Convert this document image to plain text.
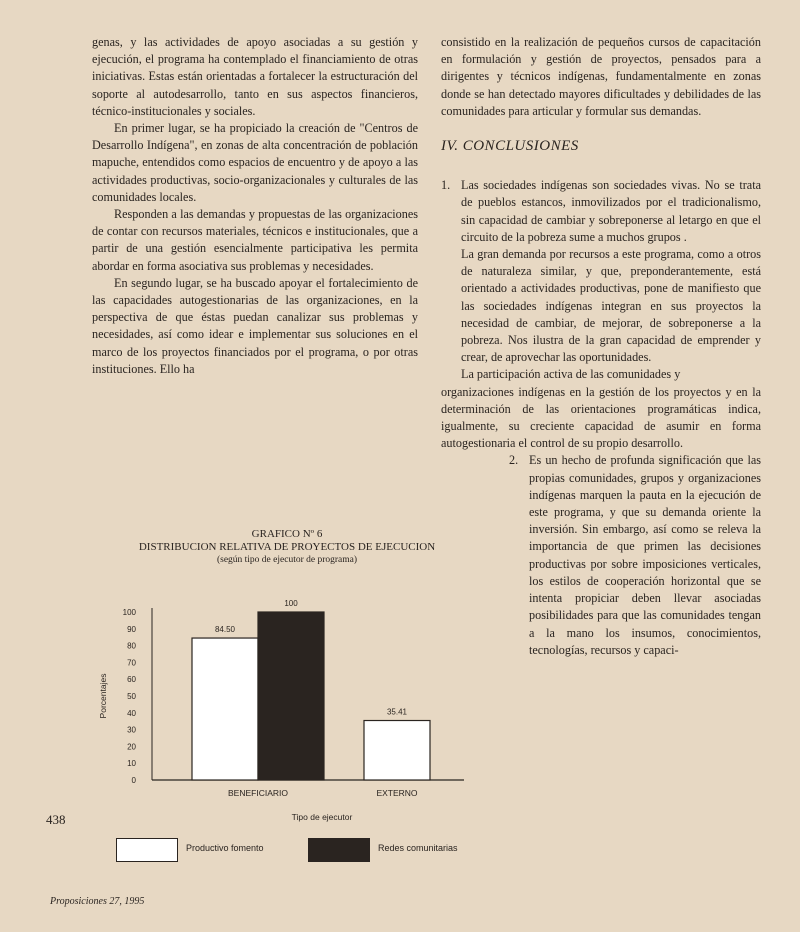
genas, y las actividades de apoyo asociadas a su gestión y ejecución, el programa ha contemplado el financiamiento de otras iniciativas. Estas están orientadas a fortalecer la estructuración del soporte al autodesarrollo, tanto en sus aspectos financieros, técnico-institucionales y sociales.

En primer lugar, se ha propiciado la creación de "Centros de Desarrollo Indígena", en zonas de alta concentración de población mapuche, entendidos como espacios de encuentro y de apoyo a las actividades productivas, socio-organizacionales y culturales de las comunidades locales.

Responden a las demandas y propuestas de las organizaciones de contar con recursos materiales, técnicos e institucionales, que a partir de una gestión esencialmente participativa les permita abordar en forma asociativa sus problemas y necesidades.

En segundo lugar, se ha buscado apoyar el fortalecimiento de las capacidades autogestionarias de las organizaciones, en la perspectiva de que éstas puedan canalizar sus problemas y necesidades, así como idear e implementar sus soluciones en el marco de los proyectos financiados por el programa, o por otras instituciones. Ello ha

consistido en la realización de pequeños cursos de capacitación en formulación y gestión de proyectos, pensados para a dirigentes y técnicos indígenas, fundamentalmente en zonas donde se han detectado mayores dificultades y debilidades de las comunidades para articular y formular sus demandas.

IV. CONCLUSIONES
1. Las sociedades indígenas son sociedades vivas. No se trata de pueblos estancos, inmovilizados por el tradicionalismo, sin capacidad de cambiar y sobreponerse al letargo en que el circuito de la pobreza sume a muchos grupos .

La gran demanda por recursos a este programa, como a otros de naturaleza similar, y que, preponderantemente, está orientado a actividades productivas, pone de manifiesto que las sociedades indígenas integran en sus proyectos la necesidad de cambiar, de mejorar, de sobreponerse a la pobreza. Nos ilustra de la gran capacidad de emprender y crear, de aprovechar las oportunidades.

La participación activa de las comunidades y

organizaciones indígenas en la gestión de los proyectos y en la determinación de las orientaciones programáticas indica, igualmente, su creciente capacidad de asumir en forma autogestionaria el control de su propio desarrollo.

2. Es un hecho de profunda significación que las propias comunidades, grupos y organizaciones indígenas marquen la pauta en la ejecución de este programa, y que su demanda oriente la inversión. Sin embargo, así como se releva la importancia de que primen las decisiones productivas por sobre imposiciones verticales, los estilos de cooperación horizontal que se intenta propiciar deben llevar asociadas posibilidades para que las comunidades tengan a la mano los insumos, conocimientos, tecnologías, recursos y capaci-

GRAFICO Nº 6
DISTRIBUCION RELATIVA DE PROYECTOS DE EJECUCION
(según tipo de ejecutor de programa)
0
10
20
30
40
50
60
70
80
90
100
Porcentajes
84.50
100
BENEFICIARIO
35.41
EXTERNO
Tipo de ejecutor
Productivo fomento	Redes comunitarias
438
Proposiciones 27, 1995
